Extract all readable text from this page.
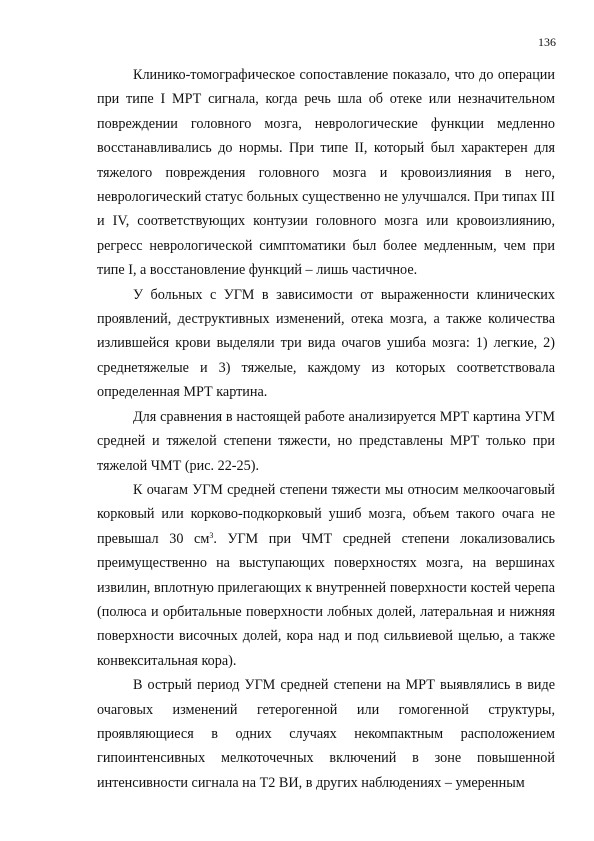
136

Клинико-томографическое сопоставление показало, что до операции при типе I МРТ сигнала, когда речь шла об отеке или незначительном повреждении головного мозга, неврологические функции медленно восстанавливались до нормы. При типе II, который был характерен для тяжелого повреждения головного мозга и кровоизлияния в него, неврологический статус больных существенно не улучшался. При типах III и IV, соответствующих контузии головного мозга или кровоизлиянию, регресс неврологической симптоматики был более медленным, чем при типе I, а восстановление функций – лишь частичное.

У больных с УГМ в зависимости от выраженности клинических проявлений, деструктивных изменений, отека мозга, а также количества излившейся крови выделяли три вида очагов ушиба мозга: 1) легкие, 2) среднетяжелые и 3) тяжелые, каждому из которых соответствовала определенная МРТ картина.

Для сравнения в настоящей работе анализируется МРТ картина УГМ средней и тяжелой степени тяжести, но представлены МРТ только при тяжелой ЧМТ (рис. 22-25).

К очагам УГМ средней степени тяжести мы относим мелкоочаговый корковый или корково-подкорковый ушиб мозга, объем такого очага не превышал 30 $см^3$. УГМ при ЧМТ средней степени локализовались преимущественно на выступающих поверхностях мозга, на вершинах извилин, вплотную прилегающих к внутренней поверхности костей черепа (полюса и орбитальные поверхности лобных долей, латеральная и нижняя поверхности височных долей, кора над и под сильвиевой щелью, а также конвекситальная кора).

В острый период УГМ средней степени на МРТ выявлялись в виде очаговых изменений гетерогенной или гомогенной структуры, проявляющиеся в одних случаях некомпактным расположением гипоинтенсивных мелкоточечных включений в зоне повышенной интенсивности сигнала на Т2 ВИ, в других наблюдениях – умеренным
